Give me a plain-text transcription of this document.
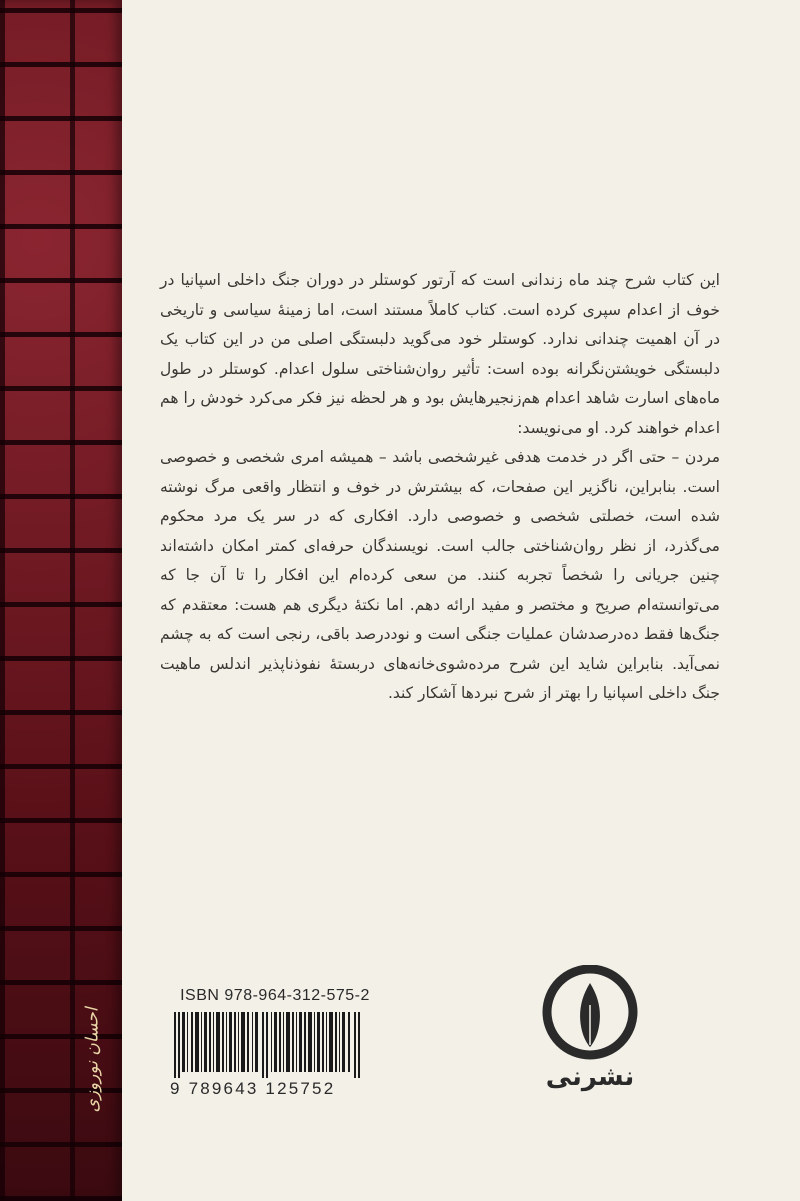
احسان نوروزی

این کتاب شرح چند ماه زندانی است که آرتور کوستلر در دوران جنگ داخلی اسپانیا در خوف از اعدام سپری کرده است. کتاب کاملاً مستند است، اما زمینهٔ سیاسی و تاریخی در آن اهمیت چندانی ندارد. کوستلر خود می‌گوید دلبستگی اصلی من در این کتاب یک دلبستگی خویشتن‌نگرانه بوده است: تأثیر روان‌شناختی سلول اعدام. کوستلر در طول ماه‌های اسارت شاهد اعدام هم‌زنجیرهایش بود و هر لحظه نیز فکر می‌کرد خودش را هم اعدام خواهند کرد. او می‌نویسد:

مردن – حتی اگر در خدمت هدفی غیرشخصی باشد – همیشه امری شخصی و خصوصی است. بنابراین، ناگزیر این صفحات، که بیشترش در خوف و انتظار واقعی مرگ نوشته شده است، خصلتی شخصی و خصوصی دارد. افکاری که در سر یک مرد محکوم می‌گذرد، از نظر روان‌شناختی جالب است. نویسندگان حرفه‌ای کمتر امکان داشته‌اند چنین جریانی را شخصاً تجربه کنند. من سعی کرده‌ام این افکار را تا آن جا که می‌توانسته‌ام صریح و مختصر و مفید ارائه دهم. اما نکتهٔ دیگری هم هست: معتقدم که جنگ‌ها فقط ده‌درصدشان عملیات جنگی است و نوددرصد باقی، رنجی است که به چشم نمی‌آید. بنابراین شاید این شرح مرده‌شوی‌خانه‌های دربستهٔ نفوذناپذیر اندلس ماهیت جنگ داخلی اسپانیا را بهتر از شرح نبردها آشکار کند.

ISBN 978-964-312-575-2
9 789643 125752	نشرنی
